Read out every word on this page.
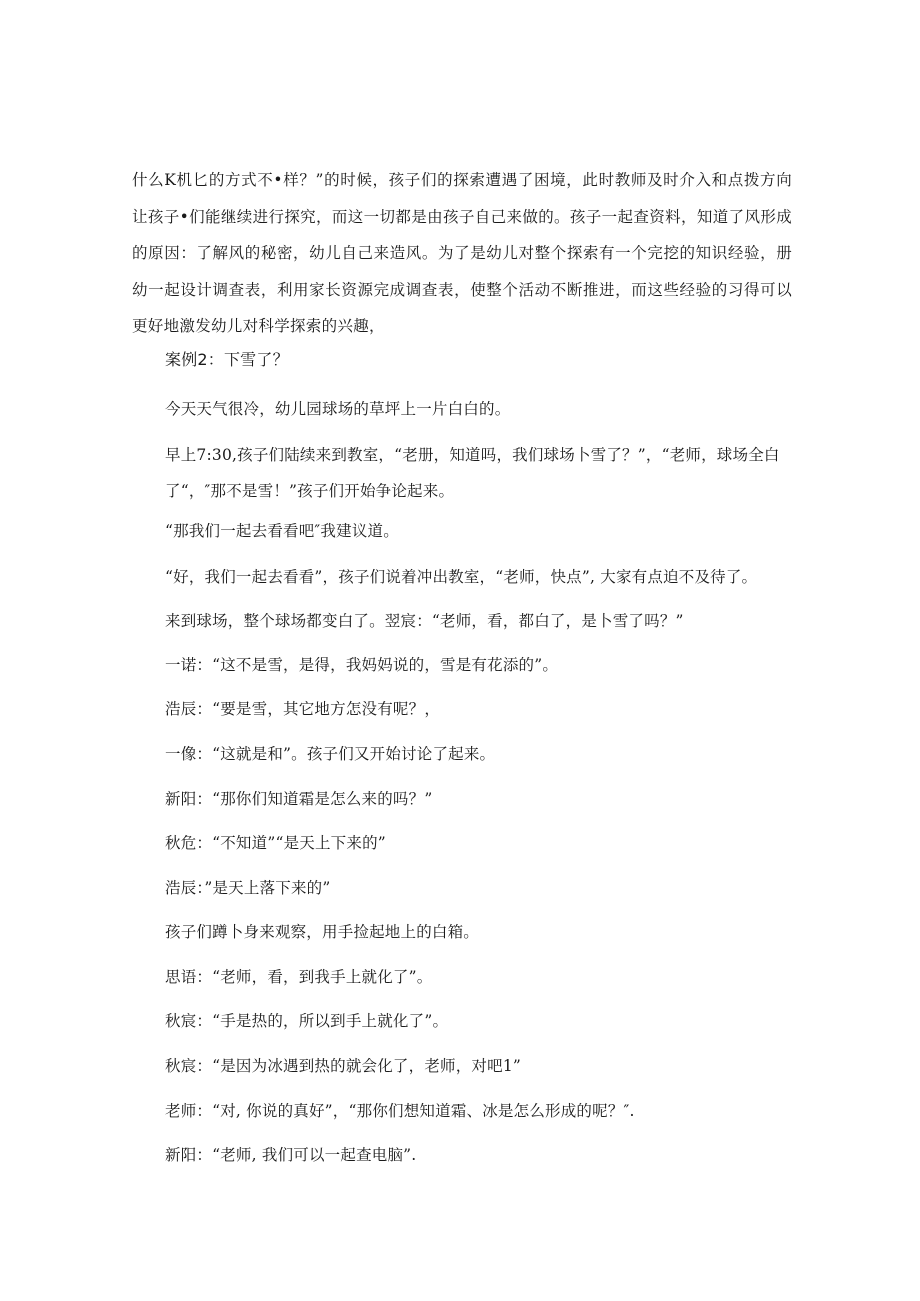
什么K机匕的方式不•样？”的时候，孩子们的探索遭遇了困境，此时教师及时介入和点拨方向让孩子•们能继续进行探究，而这一切都是由孩子自己来做的。孩子一起查资料，知道了风形成的原因：了解风的秘密，幼儿自己来造风。为了是幼儿对整个探索有一个完挖的知识经验，册幼一起设计调查表，利用家长资源完成调查表，使整个活动不断推进，而这些经验的习得可以更好地激发幼儿对科学探索的兴趣，

案例2：下雪了？

今天天气很冷，幼儿园球场的草坪上一片白白的。

早上7:30,孩子们陆续来到教室，“老册，知道吗，我们球场卜雪了？”，“老师，球场全白了“，″那不是雪！”孩子们开始争论起来。

“那我们一起去看看吧″我建议道。

“好，我们一起去看看”，孩子们说着冲出教室，“老师，快点”, 大家有点迫不及待了。

来到球场，整个球场都变白了。翌宸：“老师，看，都白了，是卜雪了吗？”

一诺：“这不是雪，是得，我妈妈说的，雪是有花添的”。

浩辰：“要是雪，其它地方怎没有呢？，

一像：“这就是和”。孩子们又开始讨论了起来。

新阳：“那你们知道霜是怎么来的吗？”

秋危：“不知道”“是天上下来的”

浩辰：”是天上落下来的”

孩子们蹲卜身来观察，用手捡起地上的白箱。

思语：“老师，看，到我手上就化了”。

秋宸：“手是热的，所以到手上就化了”。

秋宸：“是因为冰遇到热的就会化了，老师，对吧1”

老师：“对, 你说的真好”，“那你们想知道霜、冰是怎么形成的呢？″.

新阳：“老师, 我们可以一起查电脑”.
